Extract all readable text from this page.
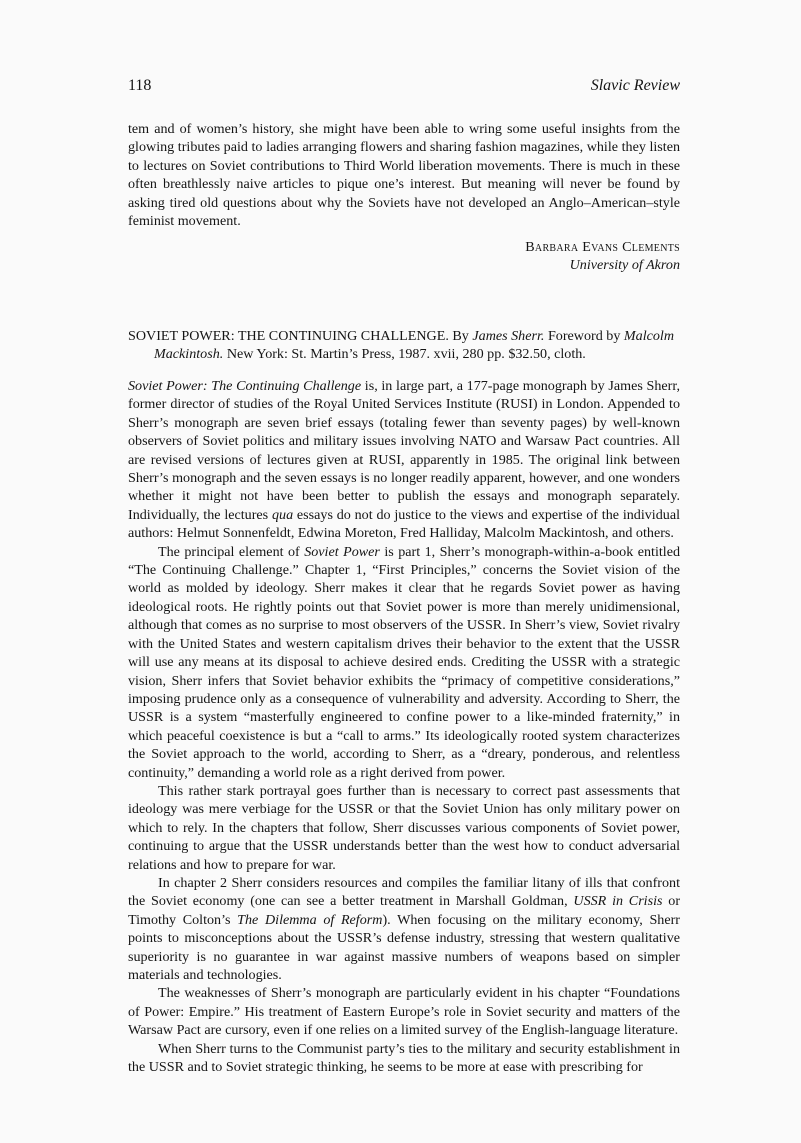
118	Slavic Review

tem and of women’s history, she might have been able to wring some useful insights from the glowing tributes paid to ladies arranging flowers and sharing fashion magazines, while they listen to lectures on Soviet contributions to Third World liberation movements. There is much in these often breathlessly naive articles to pique one’s interest. But meaning will never be found by asking tired old questions about why the Soviets have not developed an Anglo–American–style feminist movement.

Barbara Evans Clements
University of Akron
SOVIET POWER: THE CONTINUING CHALLENGE. By James Sherr. Foreword by Malcolm Mackintosh. New York: St. Martin’s Press, 1987. xvii, 280 pp. $32.50, cloth.

Soviet Power: The Continuing Challenge is, in large part, a 177-page monograph by James Sherr, former director of studies of the Royal United Services Institute (RUSI) in London. Appended to Sherr’s monograph are seven brief essays (totaling fewer than seventy pages) by well-known observers of Soviet politics and military issues involving NATO and Warsaw Pact countries. All are revised versions of lectures given at RUSI, apparently in 1985. The original link between Sherr’s monograph and the seven essays is no longer readily apparent, however, and one wonders whether it might not have been better to publish the essays and monograph separately. Individually, the lectures qua essays do not do justice to the views and expertise of the individual authors: Helmut Sonnenfeldt, Edwina Moreton, Fred Halliday, Malcolm Mackintosh, and others.

The principal element of Soviet Power is part 1, Sherr’s monograph-within-a-book entitled “The Continuing Challenge.” Chapter 1, “First Principles,” concerns the Soviet vision of the world as molded by ideology. Sherr makes it clear that he regards Soviet power as having ideological roots. He rightly points out that Soviet power is more than merely unidimensional, although that comes as no surprise to most observers of the USSR. In Sherr’s view, Soviet rivalry with the United States and western capitalism drives their behavior to the extent that the USSR will use any means at its disposal to achieve desired ends. Crediting the USSR with a strategic vision, Sherr infers that Soviet behavior exhibits the “primacy of competitive considerations,” imposing prudence only as a consequence of vulnerability and adversity. According to Sherr, the USSR is a system “masterfully engineered to confine power to a like-minded fraternity,” in which peaceful coexistence is but a “call to arms.” Its ideologically rooted system characterizes the Soviet approach to the world, according to Sherr, as a “dreary, ponderous, and relentless continuity,” demanding a world role as a right derived from power.

This rather stark portrayal goes further than is necessary to correct past assessments that ideology was mere verbiage for the USSR or that the Soviet Union has only military power on which to rely. In the chapters that follow, Sherr discusses various components of Soviet power, continuing to argue that the USSR understands better than the west how to conduct adversarial relations and how to prepare for war.

In chapter 2 Sherr considers resources and compiles the familiar litany of ills that confront the Soviet economy (one can see a better treatment in Marshall Goldman, USSR in Crisis or Timothy Colton’s The Dilemma of Reform). When focusing on the military economy, Sherr points to misconceptions about the USSR’s defense industry, stressing that western qualitative superiority is no guarantee in war against massive numbers of weapons based on simpler materials and technologies.

The weaknesses of Sherr’s monograph are particularly evident in his chapter “Foundations of Power: Empire.” His treatment of Eastern Europe’s role in Soviet security and matters of the Warsaw Pact are cursory, even if one relies on a limited survey of the English-language literature.

When Sherr turns to the Communist party’s ties to the military and security establishment in the USSR and to Soviet strategic thinking, he seems to be more at ease with prescribing for
